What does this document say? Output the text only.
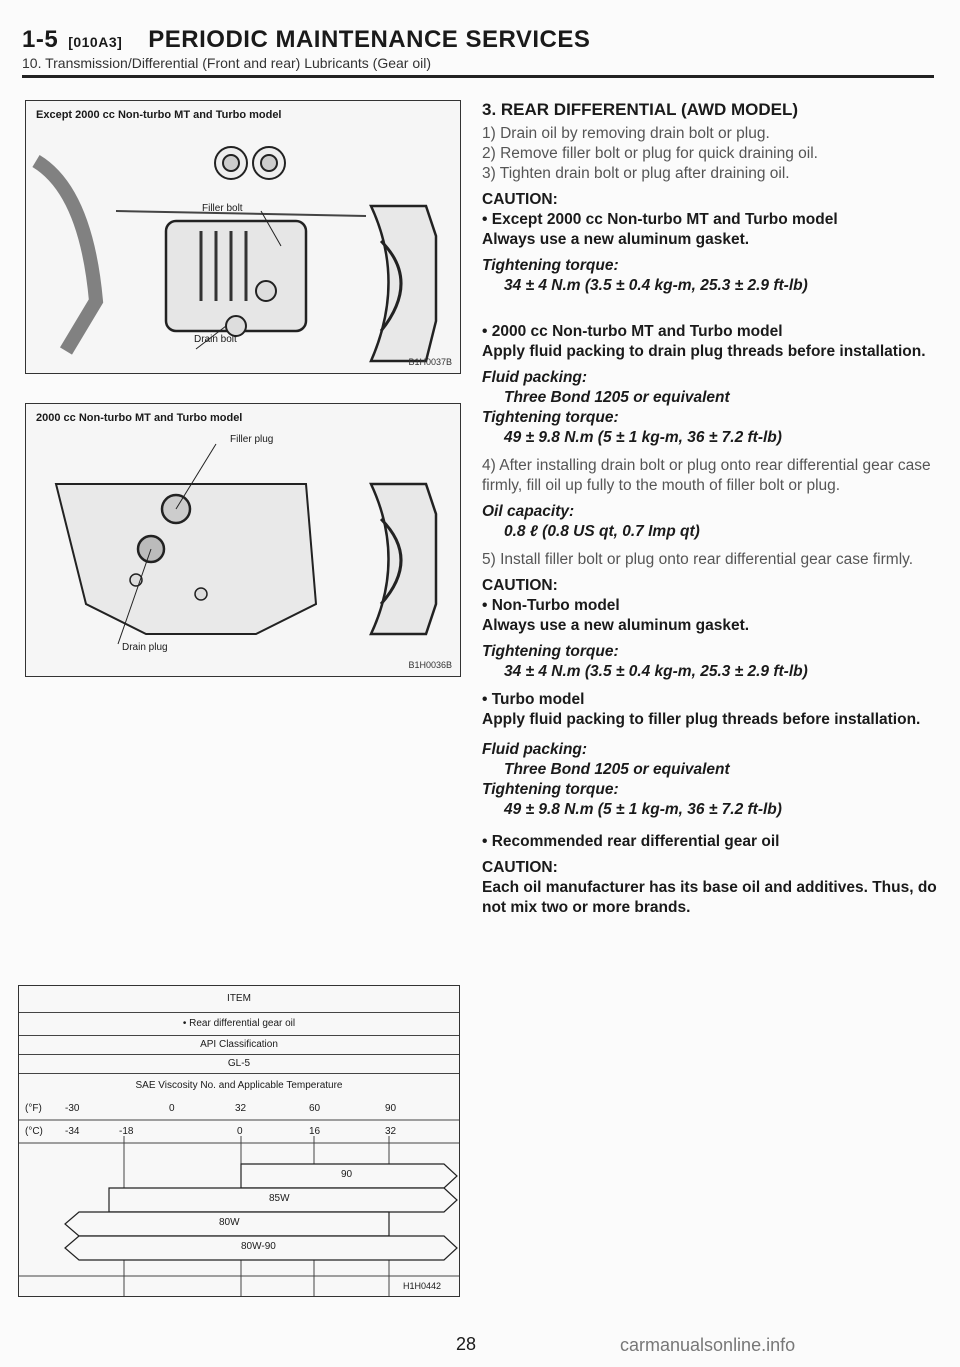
1-5 [010A3] PERIODIC MAINTENANCE SERVICES
10. Transmission/Differential (Front and rear) Lubricants (Gear oil)
Except 2000 cc Non-turbo MT and Turbo model
Filler bolt
Drain bolt
B1H0037B
2000 cc Non-turbo MT and Turbo model
Filler plug
Drain plug
B1H0036B
ITEM
• Rear differential gear oil
API Classification
GL-5
SAE Viscosity No. and Applicable Temperature
(°F)
(°C)
-30	0	32	60	90
-34	-18	0	16	32
90
85W
80W
80W-90
H1H0442

3. REAR DIFFERENTIAL (AWD MODEL)

1) Drain oil by removing drain bolt or plug.

2) Remove filler bolt or plug for quick draining oil.

3) Tighten drain bolt or plug after draining oil.

CAUTION:

• Except 2000 cc Non-turbo MT and Turbo model

Always use a new aluminum gasket.

Tightening torque:

34 ± 4 N.m (3.5 ± 0.4 kg-m, 25.3 ± 2.9 ft-lb)

• 2000 cc Non-turbo MT and Turbo model

Apply fluid packing to drain plug threads before installation.

Fluid packing:

Three Bond 1205 or equivalent

Tightening torque:

49 ± 9.8 N.m (5 ± 1 kg-m, 36 ± 7.2 ft-lb)

4) After installing drain bolt or plug onto rear differential gear case firmly, fill oil up fully to the mouth of filler bolt or plug.

Oil capacity:

0.8 ℓ (0.8 US qt, 0.7 Imp qt)

5) Install filler bolt or plug onto rear differential gear case firmly.

CAUTION:

• Non-Turbo model

Always use a new aluminum gasket.

Tightening torque:

34 ± 4 N.m (3.5 ± 0.4 kg-m, 25.3 ± 2.9 ft-lb)

• Turbo model

Apply fluid packing to filler plug threads before installation.

Fluid packing:

Three Bond 1205 or equivalent

Tightening torque:

49 ± 9.8 N.m (5 ± 1 kg-m, 36 ± 7.2 ft-lb)

• Recommended rear differential gear oil

CAUTION:

Each oil manufacturer has its base oil and additives. Thus, do not mix two or more brands.

28	carmanualsonline.info
